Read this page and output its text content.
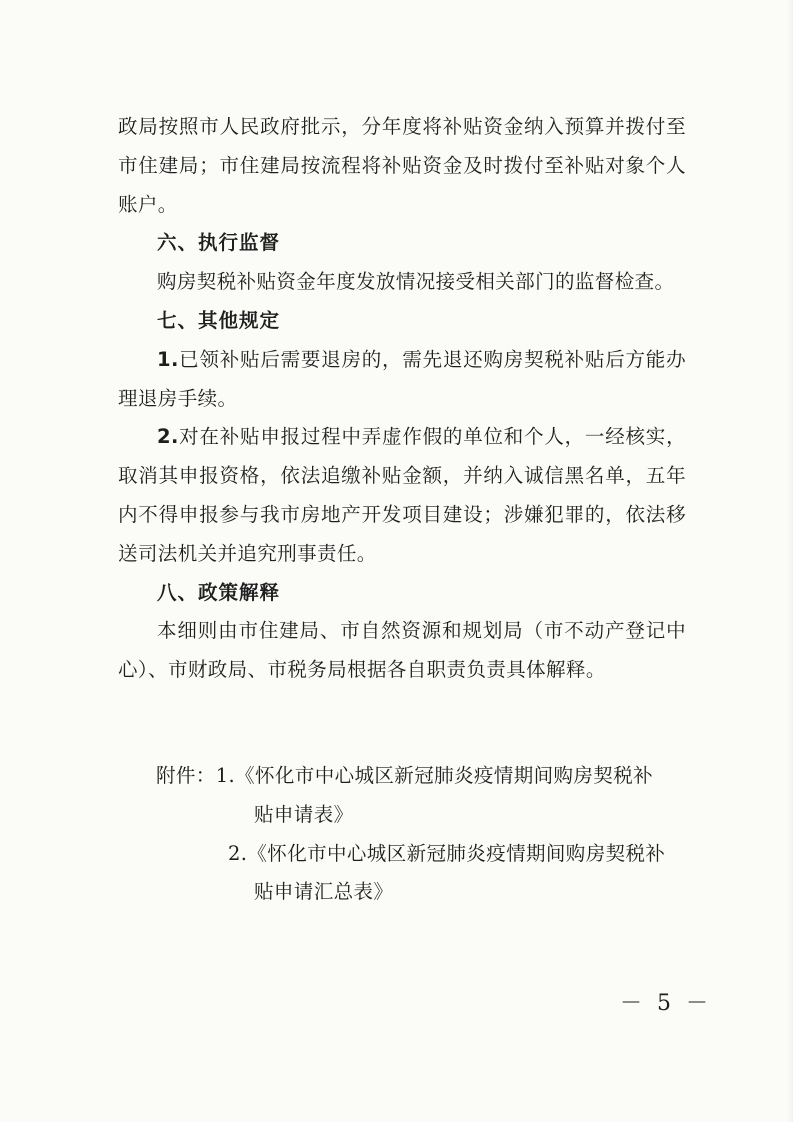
政局按照市人民政府批示，分年度将补贴资金纳入预算并拨付至市住建局；市住建局按流程将补贴资金及时拨付至补贴对象个人账户。

六、执行监督

购房契税补贴资金年度发放情况接受相关部门的监督检查。

七、其他规定

1.已领补贴后需要退房的，需先退还购房契税补贴后方能办理退房手续。

2.对在补贴申报过程中弄虚作假的单位和个人，一经核实，取消其申报资格，依法追缴补贴金额，并纳入诚信黑名单，五年内不得申报参与我市房地产开发项目建设；涉嫌犯罪的，依法移送司法机关并追究刑事责任。

八、政策解释

本细则由市住建局、市自然资源和规划局（市不动产登记中心）、市财政局、市税务局根据各自职责负责具体解释。

附件：1.《怀化市中心城区新冠肺炎疫情期间购房契税补
贴申请表》
2.《怀化市中心城区新冠肺炎疫情期间购房契税补
贴申请汇总表》
－ 5 －
